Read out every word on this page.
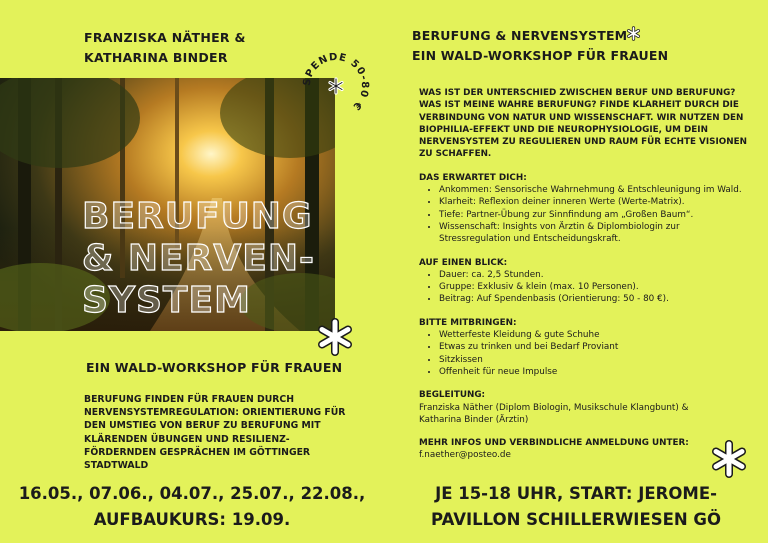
FRANZISKA NÄTHER &
KATHARINA BINDER
BERUFUNG
& NERVEN-
SYSTEM
SPENDE 50-80 €
EIN WALD-WORKSHOP FÜR FRAUEN
BERUFUNG FINDEN FÜR FRAUEN DURCH NERVENSYSTEMREGULATION: ORIENTIERUNG FÜR DEN UMSTIEG VON BERUF ZU BERUFUNG MIT KLÄRENDEN ÜBUNGEN UND RESILIENZ-FÖRDERNDEN GESPRÄCHEN IM GÖTTINGER STADTWALD
16.05., 07.06., 04.07., 25.07., 22.08.,
AUFBAUKURS: 19.09.
BERUFUNG & NERVENSYSTEM
EIN WALD-WORKSHOP FÜR FRAUEN

WAS IST DER UNTERSCHIED ZWISCHEN BERUF UND BERUFUNG? WAS IST MEINE WAHRE BERUFUNG? FINDE KLARHEIT DURCH DIE VERBINDUNG VON NATUR UND WISSENSCHAFT. WIR NUTZEN DEN BIOPHILIA-EFFEKT UND DIE NEUROPHYSIOLOGIE, UM DEIN NERVENSYSTEM ZU REGULIEREN UND RAUM FÜR ECHTE VISIONEN ZU SCHAFFEN.

DAS ERWARTET DICH:
• Ankommen: Sensorische Wahrnehmung & Entschleunigung im Wald.
• Klarheit: Reflexion deiner inneren Werte (Werte-Matrix).
• Tiefe: Partner-Übung zur Sinnfindung am „Großen Baum“.
• Wissenschaft: Insights von Ärztin & Diplombiologin zur Stressregulation und Entscheidungskraft.
AUF EINEN BLICK:
• Dauer: ca. 2,5 Stunden.
• Gruppe: Exklusiv & klein (max. 10 Personen).
• Beitrag: Auf Spendenbasis (Orientierung: 50 - 80 €).
BITTE MITBRINGEN:
• Wetterfeste Kleidung & gute Schuhe
• Etwas zu trinken und bei Bedarf Proviant
• Sitzkissen
• Offenheit für neue Impulse
BEGLEITUNG:
Franziska Näther (Diplom Biologin, Musikschule Klangbunt) &
Katharina Binder (Ärztin)
MEHR INFOS UND VERBINDLICHE ANMELDUNG UNTER:
f.naether@posteo.de
JE 15-18 UHR, START: JEROME-
PAVILLON SCHILLERWIESEN GÖ
